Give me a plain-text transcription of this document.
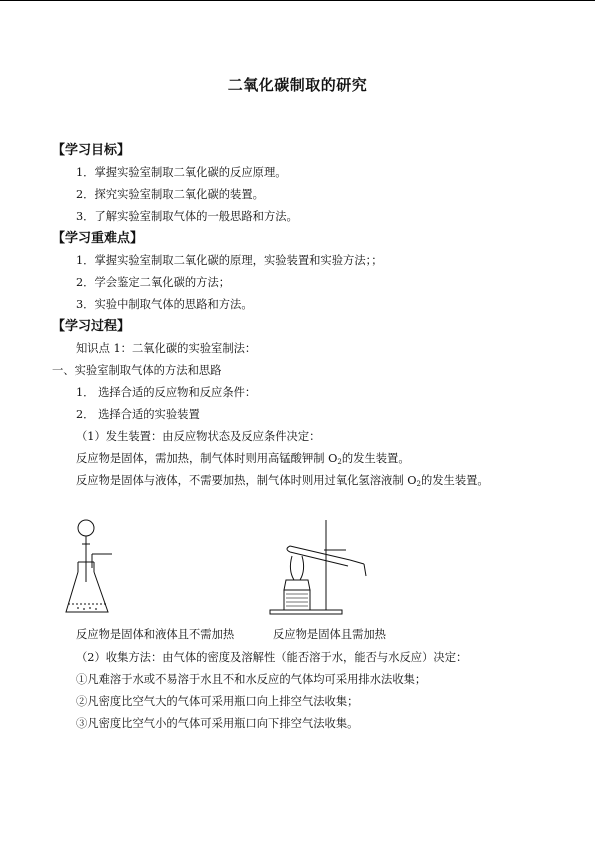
二氧化碳制取的研究
【学习目标】
1．掌握实验室制取二氧化碳的反应原理。
2．探究实验室制取二氧化碳的装置。
3．了解实验室制取气体的一般思路和方法。
【学习重难点】
1．掌握实验室制取二氧化碳的原理，实验装置和实验方法；；
2．学会鉴定二氧化碳的方法；
3．实验中制取气体的思路和方法。
【学习过程】
知识点 1：二氧化碳的实验室制法：
一、实验室制取气体的方法和思路
1． 选择合适的反应物和反应条件：
2． 选择合适的实验装置
（1）发生装置：由反应物状态及反应条件决定：
反应物是固体，需加热，制气体时则用高锰酸钾制 $O_2$的发生装置。
反应物是固体与液体，不需要加热，制气体时则用过氧化氢溶液制 $O_2$的发生装置。
反应物是固体和液体且不需加热	反应物是固体且需加热
（2）收集方法：由气体的密度及溶解性（能否溶于水，能否与水反应）决定：
①凡难溶于水或不易溶于水且不和水反应的气体均可采用排水法收集；
②凡密度比空气大的气体可采用瓶口向上排空气法收集；
③凡密度比空气小的气体可采用瓶口向下排空气法收集。
